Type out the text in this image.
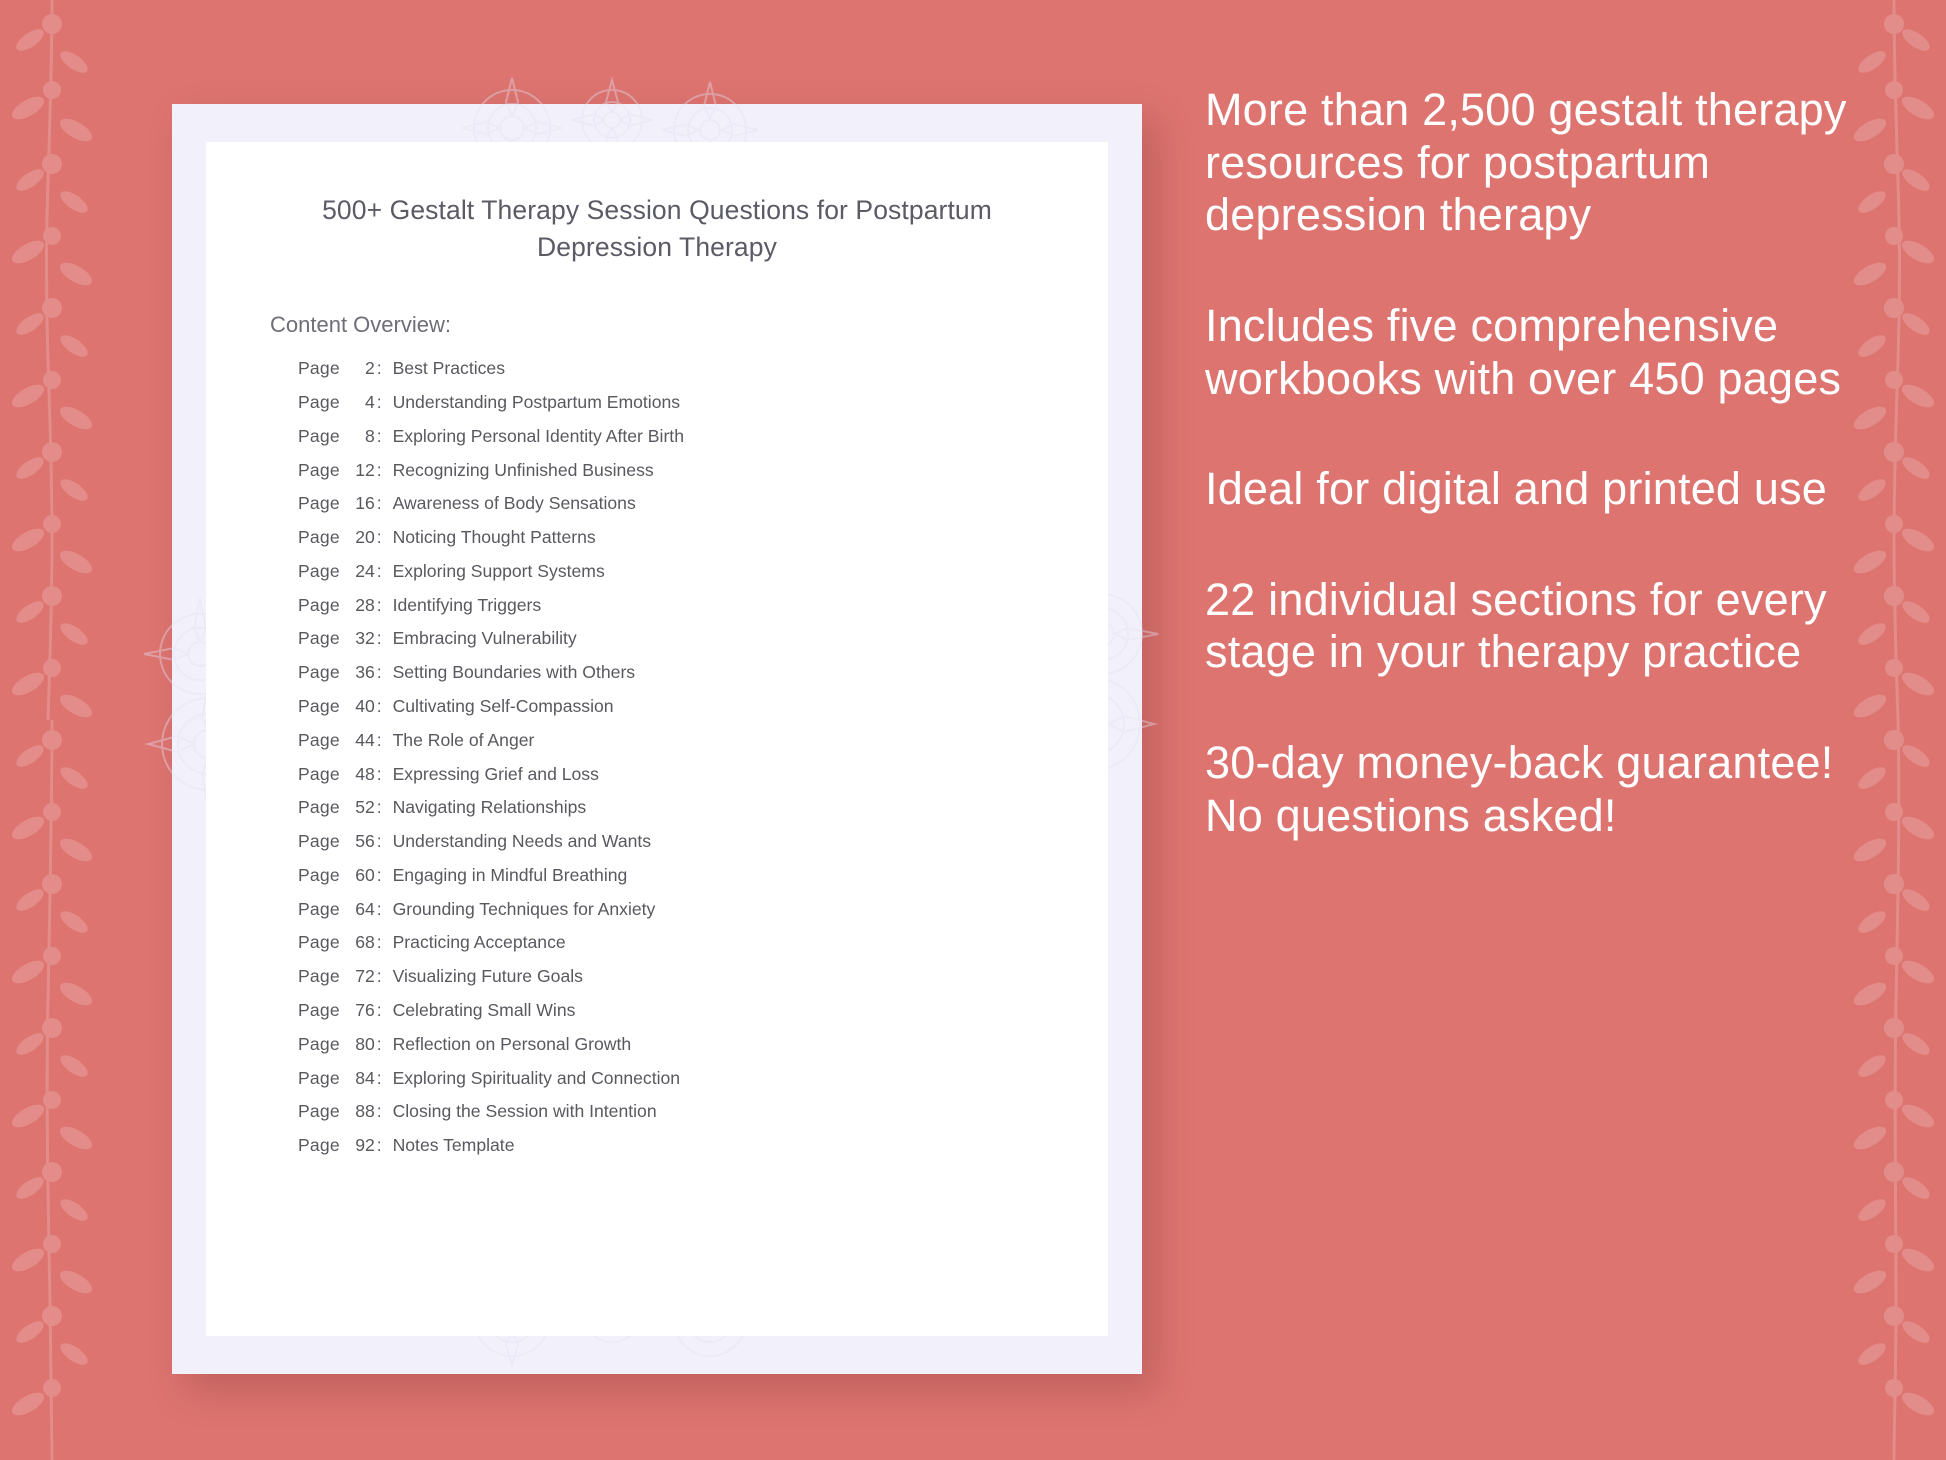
500+ Gestalt Therapy Session Questions for Postpartum Depression Therapy
Content Overview:
Page 2 : Best Practices
Page 4 : Understanding Postpartum Emotions
Page 8 : Exploring Personal Identity After Birth
Page 12 : Recognizing Unfinished Business
Page 16 : Awareness of Body Sensations
Page 20 : Noticing Thought Patterns
Page 24 : Exploring Support Systems
Page 28 : Identifying Triggers
Page 32 : Embracing Vulnerability
Page 36 : Setting Boundaries with Others
Page 40 : Cultivating Self-Compassion
Page 44 : The Role of Anger
Page 48 : Expressing Grief and Loss
Page 52 : Navigating Relationships
Page 56 : Understanding Needs and Wants
Page 60 : Engaging in Mindful Breathing
Page 64 : Grounding Techniques for Anxiety
Page 68 : Practicing Acceptance
Page 72 : Visualizing Future Goals
Page 76 : Celebrating Small Wins
Page 80 : Reflection on Personal Growth
Page 84 : Exploring Spirituality and Connection
Page 88 : Closing the Session with Intention
Page 92 : Notes Template

More than 2,500 gestalt therapy resources for postpartum depression therapy

Includes five comprehensive workbooks with over 450 pages

Ideal for digital and printed use

22 individual sections for every stage in your therapy practice

30-day money-back guarantee! No questions asked!
